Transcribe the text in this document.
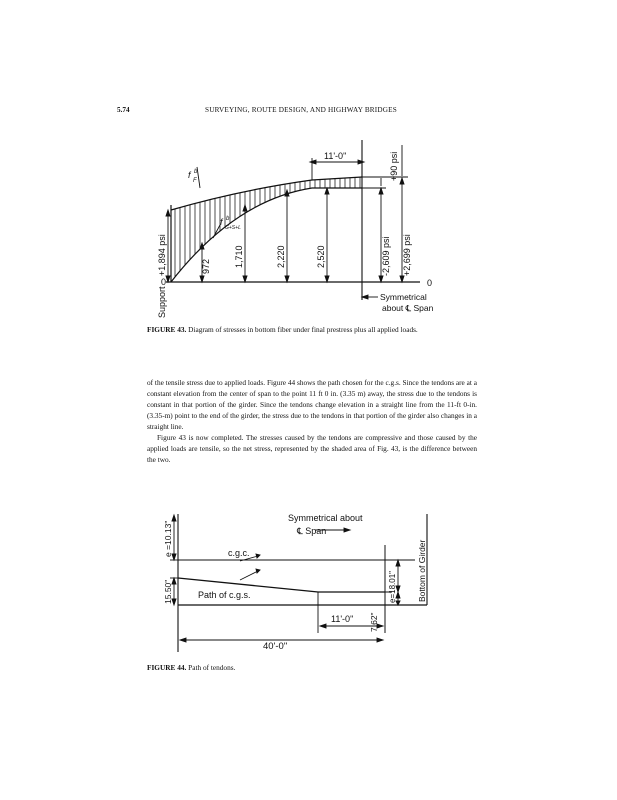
5.74	SURVEYING, ROUTE DESIGN, AND HIGHWAY BRIDGES
11'-0"	+90 psi
+1,894 psi	-2,609 psi +2,699 psi
972	1,710	2,220	2,520
0	0
Support
f b
F
f b
G+S+L
Symmetrical
about ℄ Span
Symmetrical about
℄ Span
e =10.13"	c.g.c.
Path of c.g.s.
15.50"	e=18.01"
7.62"
Bottom of Girder
11'-0"
40'-0"
FIGURE 43. Diagram of stresses in bottom fiber under final prestress plus all applied loads.

of the tensile stress due to applied loads. Figure 44 shows the path chosen for the c.g.s. Since the tendons are at a constant elevation from the center of span to the point 11 ft 0 in. (3.35 m) away, the stress due to the tendons is constant in that portion of the girder. Since the tendons change elevation in a straight line from the 11-ft 0-in. (3.35-m) point to the end of the girder, the stress due to the tendons in that portion of the girder also changes in a straight line.

Figure 43 is now completed. The stresses caused by the tendons are compressive and those caused by the applied loads are tensile, so the net stress, represented by the shaded area of Fig. 43, is the difference between the two.

FIGURE 44. Path of tendons.
